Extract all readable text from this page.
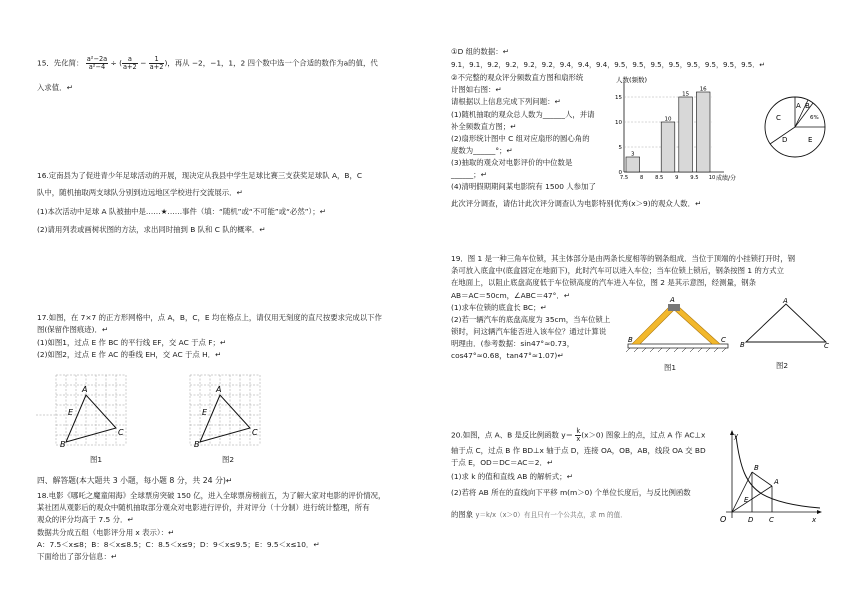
15．先化简： $\frac{\text{a²−2a}}{\text{a²−4}}$ ÷ ( $\frac{a}{a+2} - \frac{1}{a+2}$ )，再从 −2，−1，1，2 四个数中选一个合适的数作为a的值，代
入求值．↵
16.定南县为了促进青少年足球活动的开展，现决定从我县中学生足球比赛三支获奖足球队 A，B，C
队中，随机抽取两支球队分别到边远地区学校进行交流展示．↵
(1)本次活动中足球 A 队被抽中是……★……事件（填：“随机”或“不可能”或“必然”）；↵
(2)请用列表或画树状图的方法，求出同时抽到 B 队和 C 队的概率．↵
17.如图，在 7×7 的正方形网格中，点 A，B，C，E 均在格点上，请仅用无刻度的直尺按要求完成以下作
图(保留作图痕迹)．↵
(1)如图1，过点 E 作 BC 的平行线 EF，交 AC 于点 F；↵
(2)如图2，过点 E 作 AC 的垂线 EH，交 AC 于点 H．↵
A
E
B
C
图1
A
E
B
C
图2
四、解答题(本大题共 3 小题，每小题 8 分，共 24 分)↵
18.电影《哪吒之魔童闹海》全球票房突破 150 亿，进入全球票房榜前五，为了解大家对电影的评价情况，
某社团从观影后的观众中随机抽取部分观众对电影进行评价，并对评分（十分制）进行统计整理，所有
观众的评分均高于 7.5 分．↵
数据共分成五组（电影评分用 x 表示）：↵
A：7.5＜x≤8；B：8＜x≤8.5；C：8.5＜x≤9；D：9＜x≤9.5；E：9.5＜x≤10．↵
下面给出了部分信息：↵
①D 组的数据：↵
9.1，9.1，9.2，9.2，9.2，9.2，9.4，9.4，9.4，9.5，9.5，9.5，9.5，9.5，9.5，9.5，9.5．↵
②不完整的观众评分频数直方图和扇形统
计图如右图：↵
请根据以上信息完成下列问题：↵
(1)随机抽取的观众总人数为______人，并请
补全频数直方图；↵
(2)扇形统计图中 C 组对应扇形的圆心角的
度数为______°；↵
(3)抽取的观众对电影评价的中位数是
______；↵
(4)清明假期期间某电影院有 1500 人参加了
此次评分调查，请估计此次评分调查认为电影特别优秀(x＞9)的观众人数．↵
人数(频数)
成绩/分
0
5
10
15
3
10
15
16
7.5 8 8.5 9 9.5 10
A B
6%
C
D	E
19．图 1 是一种三角车位锁，其主体部分是由两条长度相等的钢条组成．当位于顶端的小挂锁打开时，钢
条可放入底盒中(底盒固定在地面下)，此时汽车可以进入车位；当车位锁上锁后，钢条按图 1 的方式立
在地面上，以阻止底盘高度低于车位锁高度的汽车进入车位，图 2 是其示意图，经测量，钢条
AB＝AC＝50cm，∠ABC＝47°．↵
(1)求车位锁的底盒长 BC；↵
(2)若一辆汽车的底盘高度为 35cm，当车位锁上
锁时，问这辆汽车能否进入该车位？通过计算说
明理由．(参考数据：sin47°≈0.73，
cos47°≈0.68，tan47°≈1.07)↵
A
B	C
图1
A
B	C
图2
20.如图，点 A、B 是反比例函数 $y= \frac{k}{x} (x>0)$ 图象上的点，过点 A 作 AC⊥x
轴于点 C，过点 B 作 BD⊥x 轴于点 D，连接 OA，OB，AB，线段 OA 交 BD
于点 E，OD＝DC＝AC＝2．↵
(1)求 k 的值和直线 AB 的解析式；↵
(2)若将 AB 所在的直线向下平移 m(m＞0) 个单位长度后，与反比例函数
的图象 y＝k/x（x＞0）有且只有一个公共点，求 m 的值．
y
A
B
E
O	D C	x
